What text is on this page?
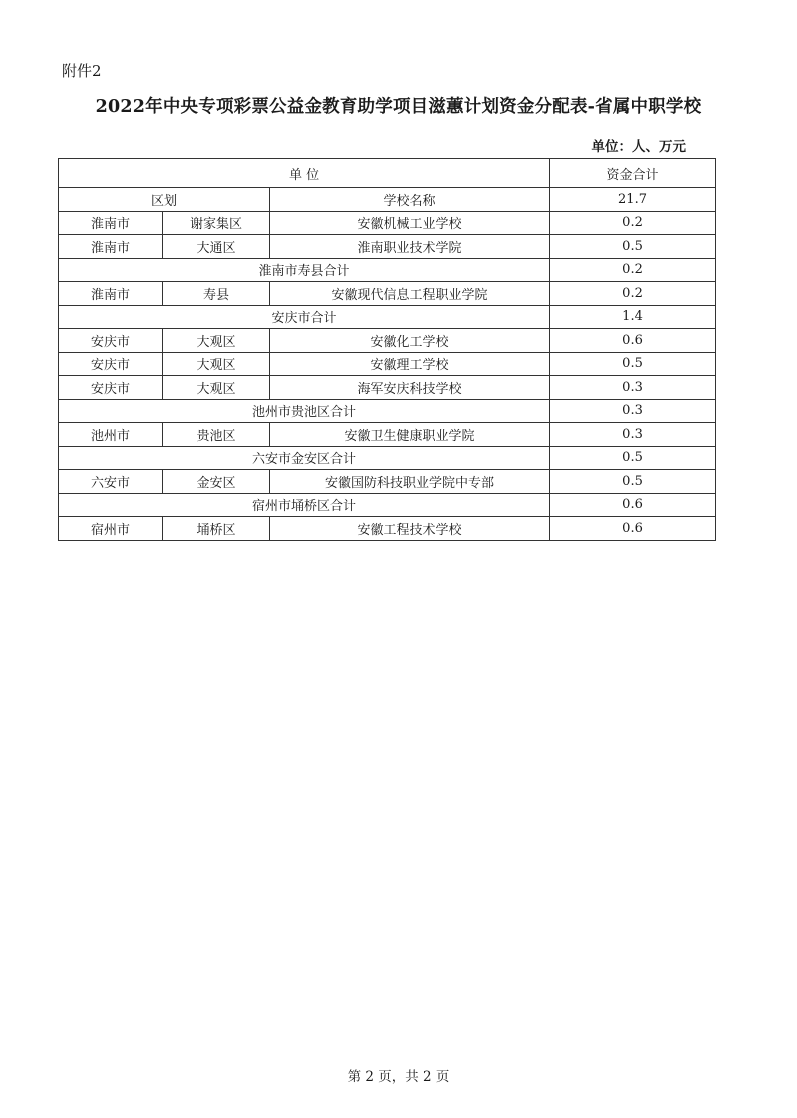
附件2
2022年中央专项彩票公益金教育助学项目滋蕙计划资金分配表-省属中职学校
单位：人、万元
单 位			资金合计
区划		学校名称	21.7
淮南市	谢家集区	安徽机械工业学校	0.2
淮南市	大通区	淮南职业技术学院	0.5
淮南市寿县合计			0.2
淮南市	寿县	安徽现代信息工程职业学院	0.2
安庆市合计			1.4
安庆市	大观区	安徽化工学校	0.6
安庆市	大观区	安徽理工学校	0.5
安庆市	大观区	海军安庆科技学校	0.3
池州市贵池区合计			0.3
池州市	贵池区	安徽卫生健康职业学院	0.3
六安市金安区合计			0.5
六安市	金安区	安徽国防科技职业学院中专部	0.5
宿州市埇桥区合计			0.6
宿州市	埇桥区	安徽工程技术学校	0.6
第 2 页，共 2 页
